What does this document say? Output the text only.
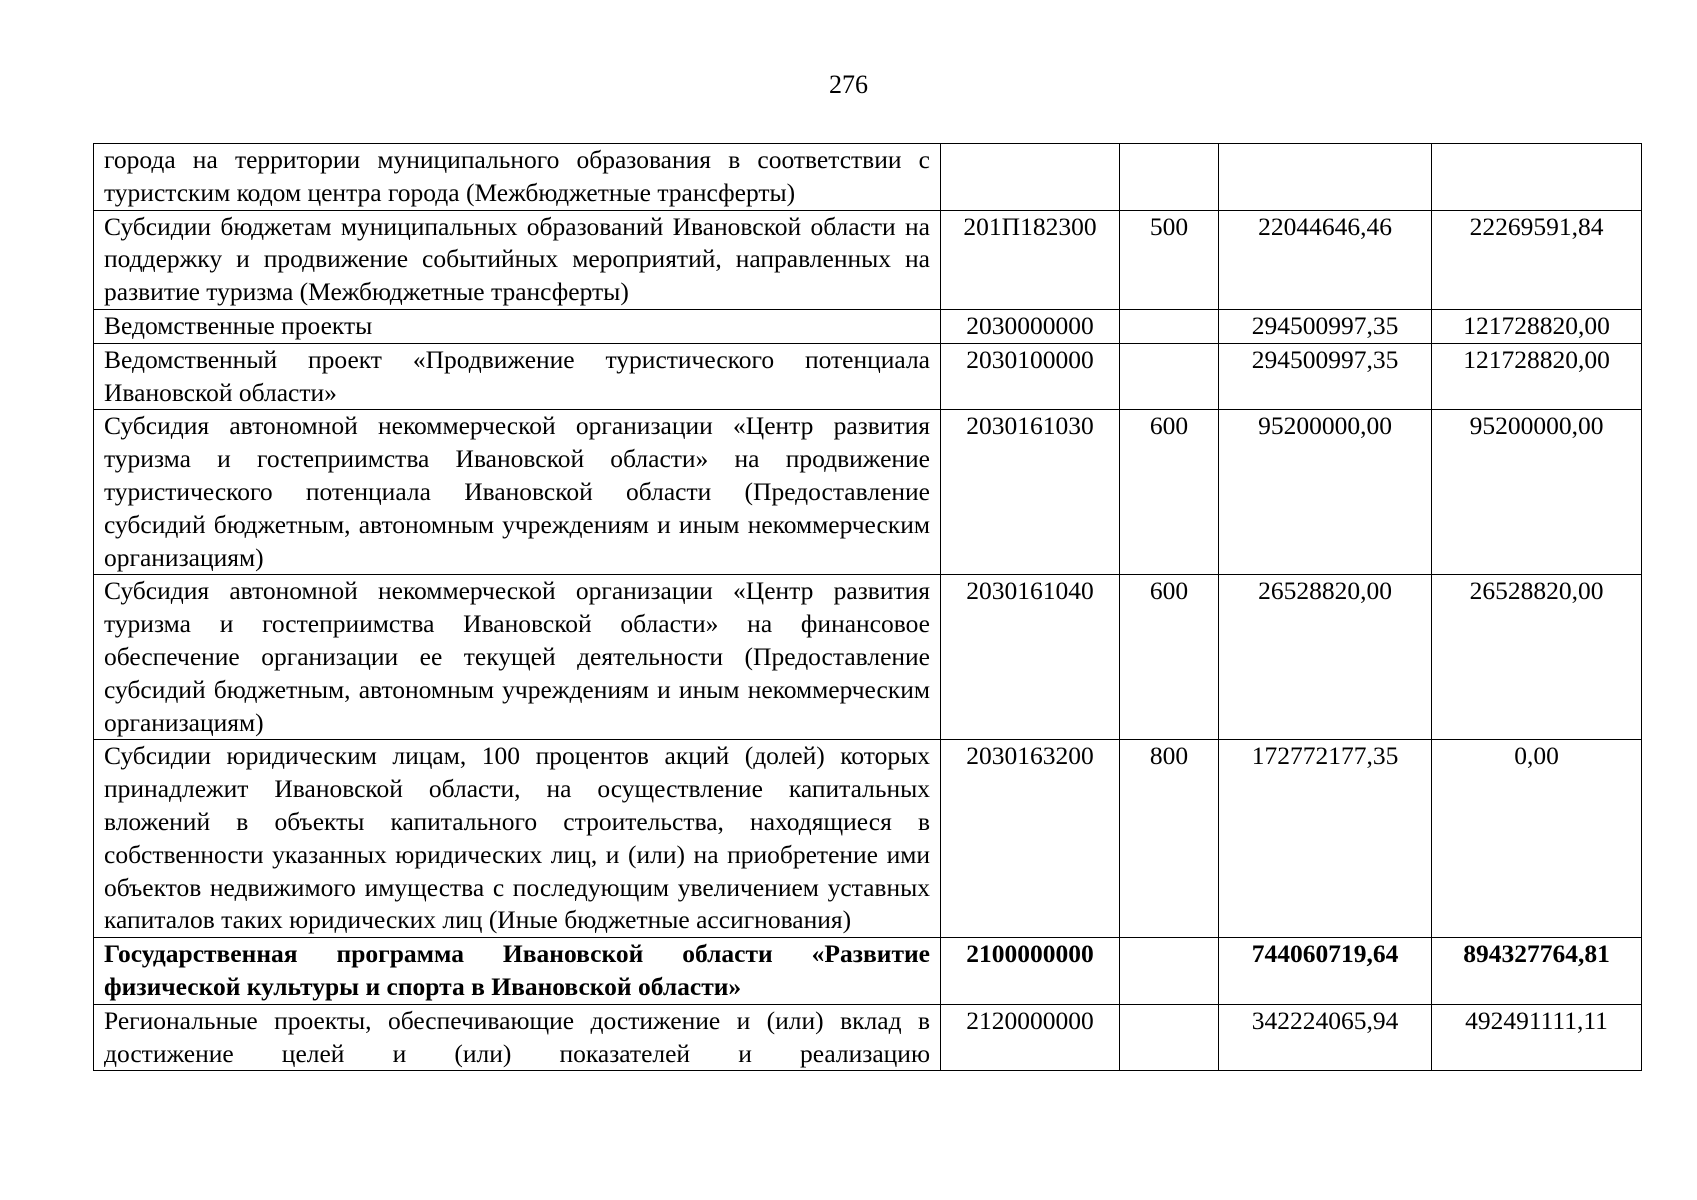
276
города на территории муниципального образования в соответствии с туристским кодом центра города (Межбюджетные трансферты)				
Субсидии бюджетам муниципальных образований Ивановской области на поддержку и продвижение событийных мероприятий, направленных на развитие туризма (Межбюджетные трансферты)	201П182300	500	22044646,46	22269591,84
Ведомственные проекты	2030000000		294500997,35	121728820,00
Ведомственный проект «Продвижение туристического потенциала Ивановской области»	2030100000		294500997,35	121728820,00
Субсидия автономной некоммерческой организации «Центр развития туризма и гостеприимства Ивановской области» на продвижение туристического потенциала Ивановской области (Предоставление субсидий бюджетным, автономным учреждениям и иным некоммерческим организациям)	2030161030	600	95200000,00	95200000,00
Субсидия автономной некоммерческой организации «Центр развития туризма и гостеприимства Ивановской области» на финансовое обеспечение организации ее текущей деятельности (Предоставление субсидий бюджетным, автономным учреждениям и иным некоммерческим организациям)	2030161040	600	26528820,00	26528820,00
Субсидии юридическим лицам, 100 процентов акций (долей) которых принадлежит Ивановской области, на осуществление капитальных вложений в объекты капитального строительства, находящиеся в собственности указанных юридических лиц, и (или) на приобретение ими объектов недвижимого имущества с последующим увеличением уставных капиталов таких юридических лиц (Иные бюджетные ассигнования)	2030163200	800	172772177,35	0,00
Государственная программа Ивановской области «Развитие физической культуры и спорта в Ивановской области»	2100000000		744060719,64	894327764,81
Региональные проекты, обеспечивающие достижение и (или) вклад в достижение целей и (или) показателей и реализацию	2120000000		342224065,94	492491111,11
